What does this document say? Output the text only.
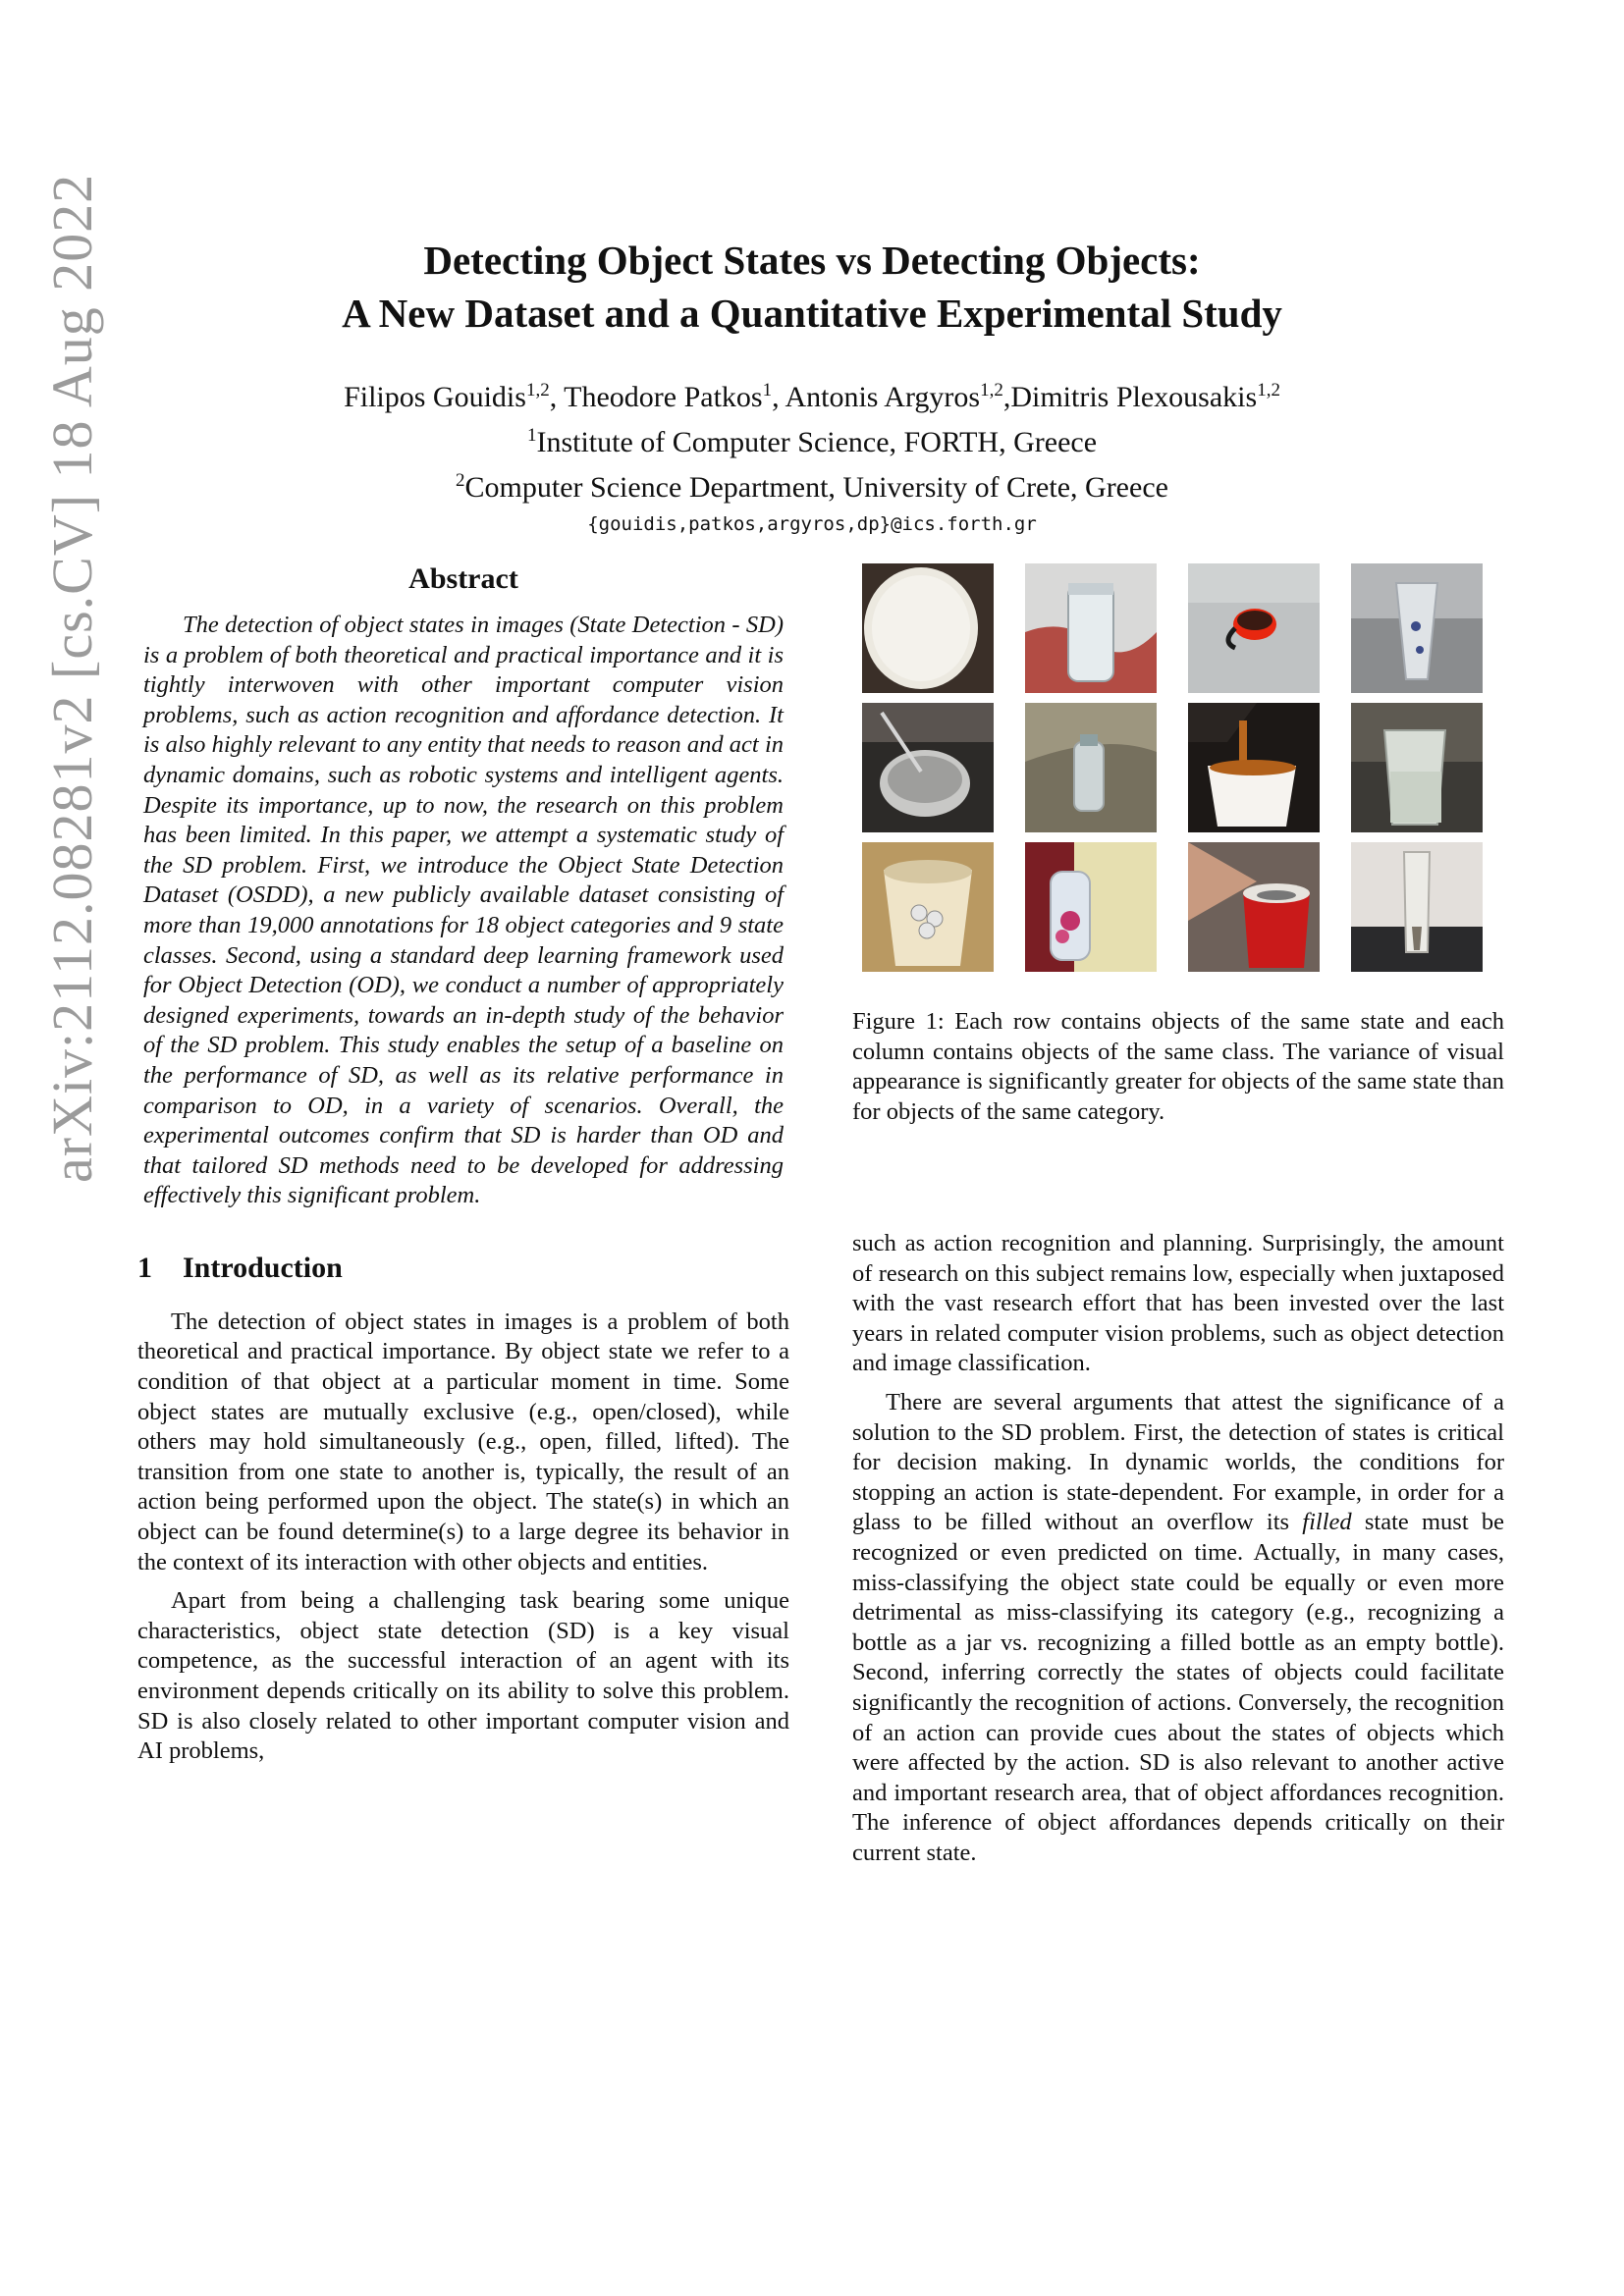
arXiv:2112.08281v2 [cs.CV] 18 Aug 2022	Detecting Object States vs Detecting Objects:
A New Dataset and a Quantitative Experimental Study
Filipos Gouidis$^{1,2}$, Theodore Patkos$^1$, Antonis Argyros$^{1,2}$,Dimitris Plexousakis$^{1,2}$
$^1$Institute of Computer Science, FORTH, Greece
$^2$Computer Science Department, University of Crete, Greece
{gouidis,patkos,argyros,dp}@ics.forth.gr
Abstract

The detection of object states in images (State Detection - SD) is a problem of both theoretical and practical importance and it is tightly interwoven with other important computer vision problems, such as action recognition and affordance detection. It is also highly relevant to any entity that needs to reason and act in dynamic domains, such as robotic systems and intelligent agents. Despite its importance, up to now, the research on this problem has been limited. In this paper, we attempt a systematic study of the SD problem. First, we introduce the Object State Detection Dataset (OSDD), a new publicly available dataset consisting of more than 19,000 annotations for 18 object categories and 9 state classes. Second, using a standard deep learning framework used for Object Detection (OD), we conduct a number of appropriately designed experiments, towards an in-depth study of the behavior of the SD problem. This study enables the setup of a baseline on the performance of SD, as well as its relative performance in comparison to OD, in a variety of scenarios. Overall, the experimental outcomes confirm that SD is harder than OD and that tailored SD methods need to be developed for addressing effectively this significant problem.

1 Introduction

The detection of object states in images is a problem of both theoretical and practical importance. By object state we refer to a condition of that object at a particular moment in time. Some object states are mutually exclusive (e.g., open/closed), while others may hold simultaneously (e.g., open, filled, lifted). The transition from one state to another is, typically, the result of an action being performed upon the object. The state(s) in which an object can be found determine(s) to a large degree its behavior in the context of its interaction with other objects and entities.

Apart from being a challenging task bearing some unique characteristics, object state detection (SD) is a key visual competence, as the successful interaction of an agent with its environment depends critically on its ability to solve this problem. SD is also closely related to other important computer vision and AI problems,

Figure 1: Each row contains objects of the same state and each column contains objects of the same class. The variance of visual appearance is significantly greater for objects of the same state than for objects of the same category.

such as action recognition and planning. Surprisingly, the amount of research on this subject remains low, especially when juxtaposed with the vast research effort that has been invested over the last years in related computer vision problems, such as object detection and image classification.

There are several arguments that attest the significance of a solution to the SD problem. First, the detection of states is critical for decision making. In dynamic worlds, the conditions for stopping an action is state-dependent. For example, in order for a glass to be filled without an overflow its filled state must be recognized or even predicted on time. Actually, in many cases, miss-classifying the object state could be equally or even more detrimental as miss-classifying its category (e.g., recognizing a bottle as a jar vs. recognizing a filled bottle as an empty bottle). Second, inferring correctly the states of objects could facilitate significantly the recognition of actions. Conversely, the recognition of an action can provide cues about the states of objects which were affected by the action. SD is also relevant to another active and important research area, that of object affordances recognition. The inference of object affordances depends critically on their current state.
